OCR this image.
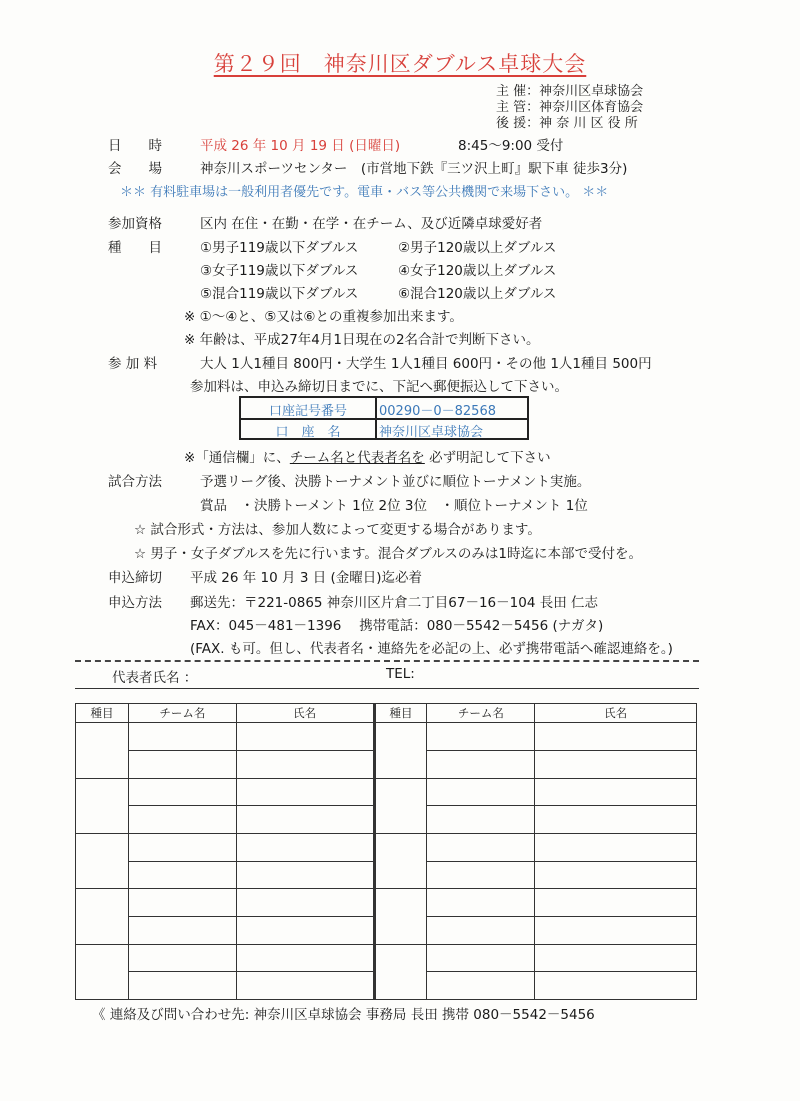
第２９回　神奈川区ダブルス卓球大会
主 催：神奈川区卓球協会
主 管：神奈川区体育協会
後 援：神 奈 川 区 役 所
日　　時	平成 26 年 10 月 19 日 (日曜日)	8:45～9:00 受付
会　　場	神奈川スポーツセンター　(市営地下鉄『三ツ沢上町』駅下車 徒歩3分)
＊＊ 有料駐車場は一般利用者優先です。電車・バス等公共機関で来場下さい。 ＊＊
参加資格	区内 在住・在勤・在学・在チーム、及び近隣卓球愛好者
種　　目	①男子119歳以下ダブルス	②男子120歳以上ダブルス
③女子119歳以下ダブルス	④女子120歳以上ダブルス
⑤混合119歳以下ダブルス	⑥混合120歳以上ダブルス
※ ①～④と、⑤又は⑥との重複参加出来ます。
※ 年齢は、平成27年4月1日現在の2名合計で判断下さい。
参 加 料	大人 1人1種目 800円・大学生 1人1種目 600円・その他 1人1種目 500円
参加料は、申込み締切日までに、下記へ郵便振込して下さい。
口座記号番号	00290－0－82568
口　座　名	神奈川区卓球協会
※「通信欄」に、チーム名と代表者名を 必ず明記して下さい
試合方法	予選リーグ後、決勝トーナメント並びに順位トーナメント実施。
賞品　・決勝トーメント 1位 2位 3位　・順位トーナメント 1位
☆ 試合形式・方法は、参加人数によって変更する場合があります。
☆ 男子・女子ダブルスを先に行います。混合ダブルスのみは1時迄に本部で受付を。
申込締切 平成 26 年 10 月 3 日 (金曜日)迄必着
申込方法 郵送先：〒221-0865 神奈川区片倉二丁目67－16－104 長田 仁志
FAX：045－481－1396　 携帯電話：080－5542－5456 (ナガタ)
(FAX. も可。但し、代表者名・連絡先を必記の上、必ず携帯電話へ確認連絡を。)
代表者氏名 ：	TEL:
種目	チーム名	氏名	種目	チーム名	氏名

《 連絡及び問い合わせ先: 神奈川区卓球協会 事務局 長田 携帯 080－5542－5456
